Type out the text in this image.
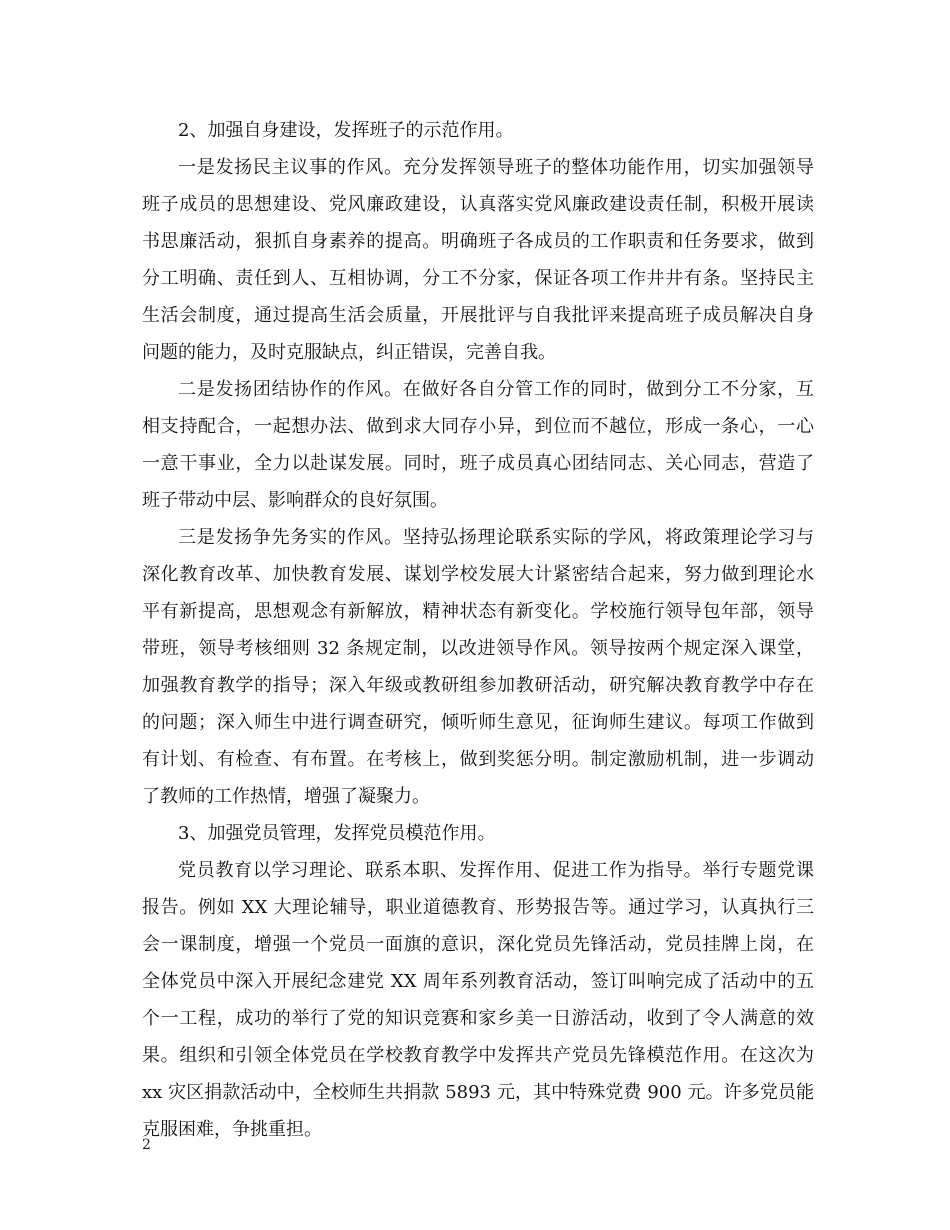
2、加强自身建设，发挥班子的示范作用。
一是发扬民主议事的作风。充分发挥领导班子的整体功能作用，切实加强领导
班子成员的思想建设、党风廉政建设，认真落实党风廉政建设责任制，积极开展读
书思廉活动，狠抓自身素养的提高。明确班子各成员的工作职责和任务要求，做到
分工明确、责任到人、互相协调，分工不分家，保证各项工作井井有条。坚持民主
生活会制度，通过提高生活会质量，开展批评与自我批评来提高班子成员解决自身
问题的能力，及时克服缺点，纠正错误，完善自我。
二是发扬团结协作的作风。在做好各自分管工作的同时，做到分工不分家，互
相支持配合，一起想办法、做到求大同存小异，到位而不越位，形成一条心，一心
一意干事业，全力以赴谋发展。同时，班子成员真心团结同志、关心同志，营造了
班子带动中层、影响群众的良好氛围。
三是发扬争先务实的作风。坚持弘扬理论联系实际的学风，将政策理论学习与
深化教育改革、加快教育发展、谋划学校发展大计紧密结合起来，努力做到理论水
平有新提高，思想观念有新解放，精神状态有新变化。学校施行领导包年部，领导
带班，领导考核细则 32 条规定制，以改进领导作风。领导按两个规定深入课堂，
加强教育教学的指导；深入年级或教研组参加教研活动，研究解决教育教学中存在
的问题；深入师生中进行调查研究，倾听师生意见，征询师生建议。每项工作做到
有计划、有检查、有布置。在考核上，做到奖惩分明。制定激励机制，进一步调动
了教师的工作热情，增强了凝聚力。
3、加强党员管理，发挥党员模范作用。
党员教育以学习理论、联系本职、发挥作用、促进工作为指导。举行专题党课
报告。例如 XX 大理论辅导，职业道德教育、形势报告等。通过学习，认真执行三
会一课制度，增强一个党员一面旗的意识，深化党员先锋活动，党员挂牌上岗，在
全体党员中深入开展纪念建党 XX 周年系列教育活动，签订叫响完成了活动中的五
个一工程，成功的举行了党的知识竞赛和家乡美一日游活动，收到了令人满意的效
果。组织和引领全体党员在学校教育教学中发挥共产党员先锋模范作用。在这次为
xx 灾区捐款活动中，全校师生共捐款 5893 元，其中特殊党费 900 元。许多党员能
克服困难，争挑重担。
2
